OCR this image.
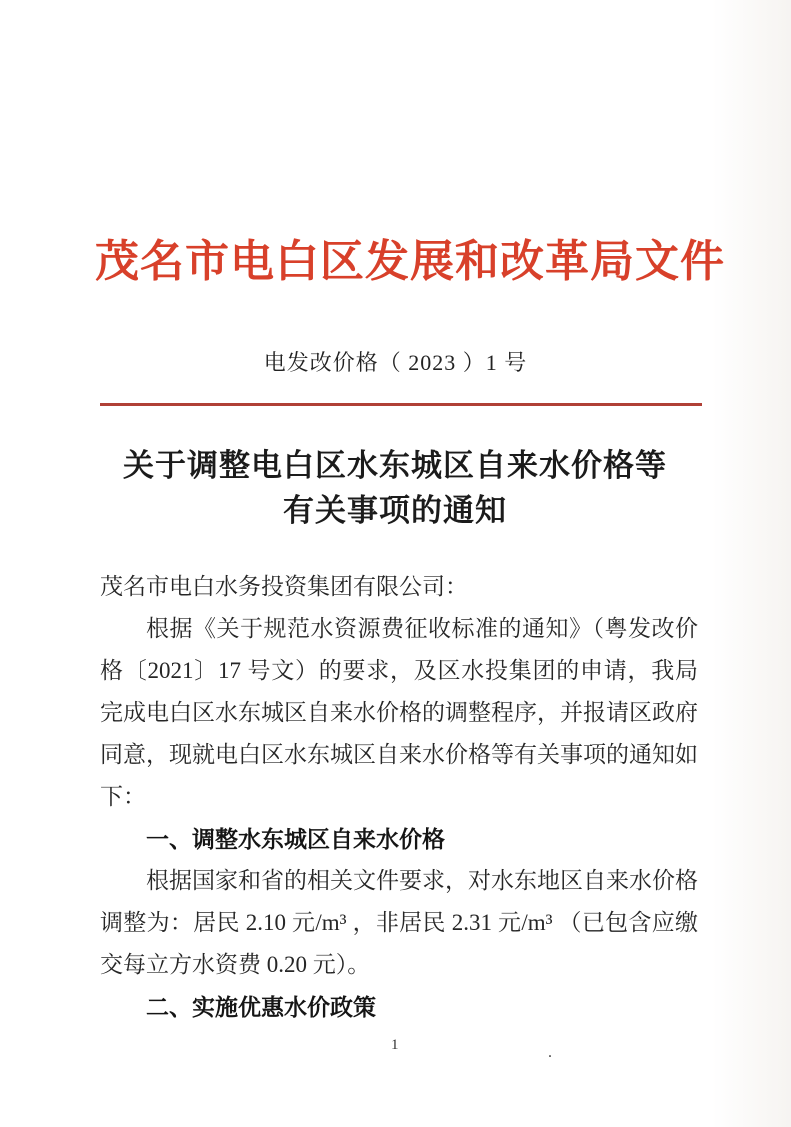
茂名市电白区发展和改革局文件
电发改价格（ 2023 ）1 号
关于调整电白区水东城区自来水价格等
有关事项的通知

茂名市电白水务投资集团有限公司：

根据《关于规范水资源费征收标准的通知》（粤发改价格〔2021〕17 号文）的要求，及区水投集团的申请，我局完成电白区水东城区自来水价格的调整程序，并报请区政府同意，现就电白区水东城区自来水价格等有关事项的通知如下：

一、调整水东城区自来水价格

根据国家和省的相关文件要求，对水东地区自来水价格调整为：居民 2.10 元/m³ ，非居民 2.31 元/m³ （已包含应缴交每立方水资费 0.20 元）。

二、实施优惠水价政策

1	.
